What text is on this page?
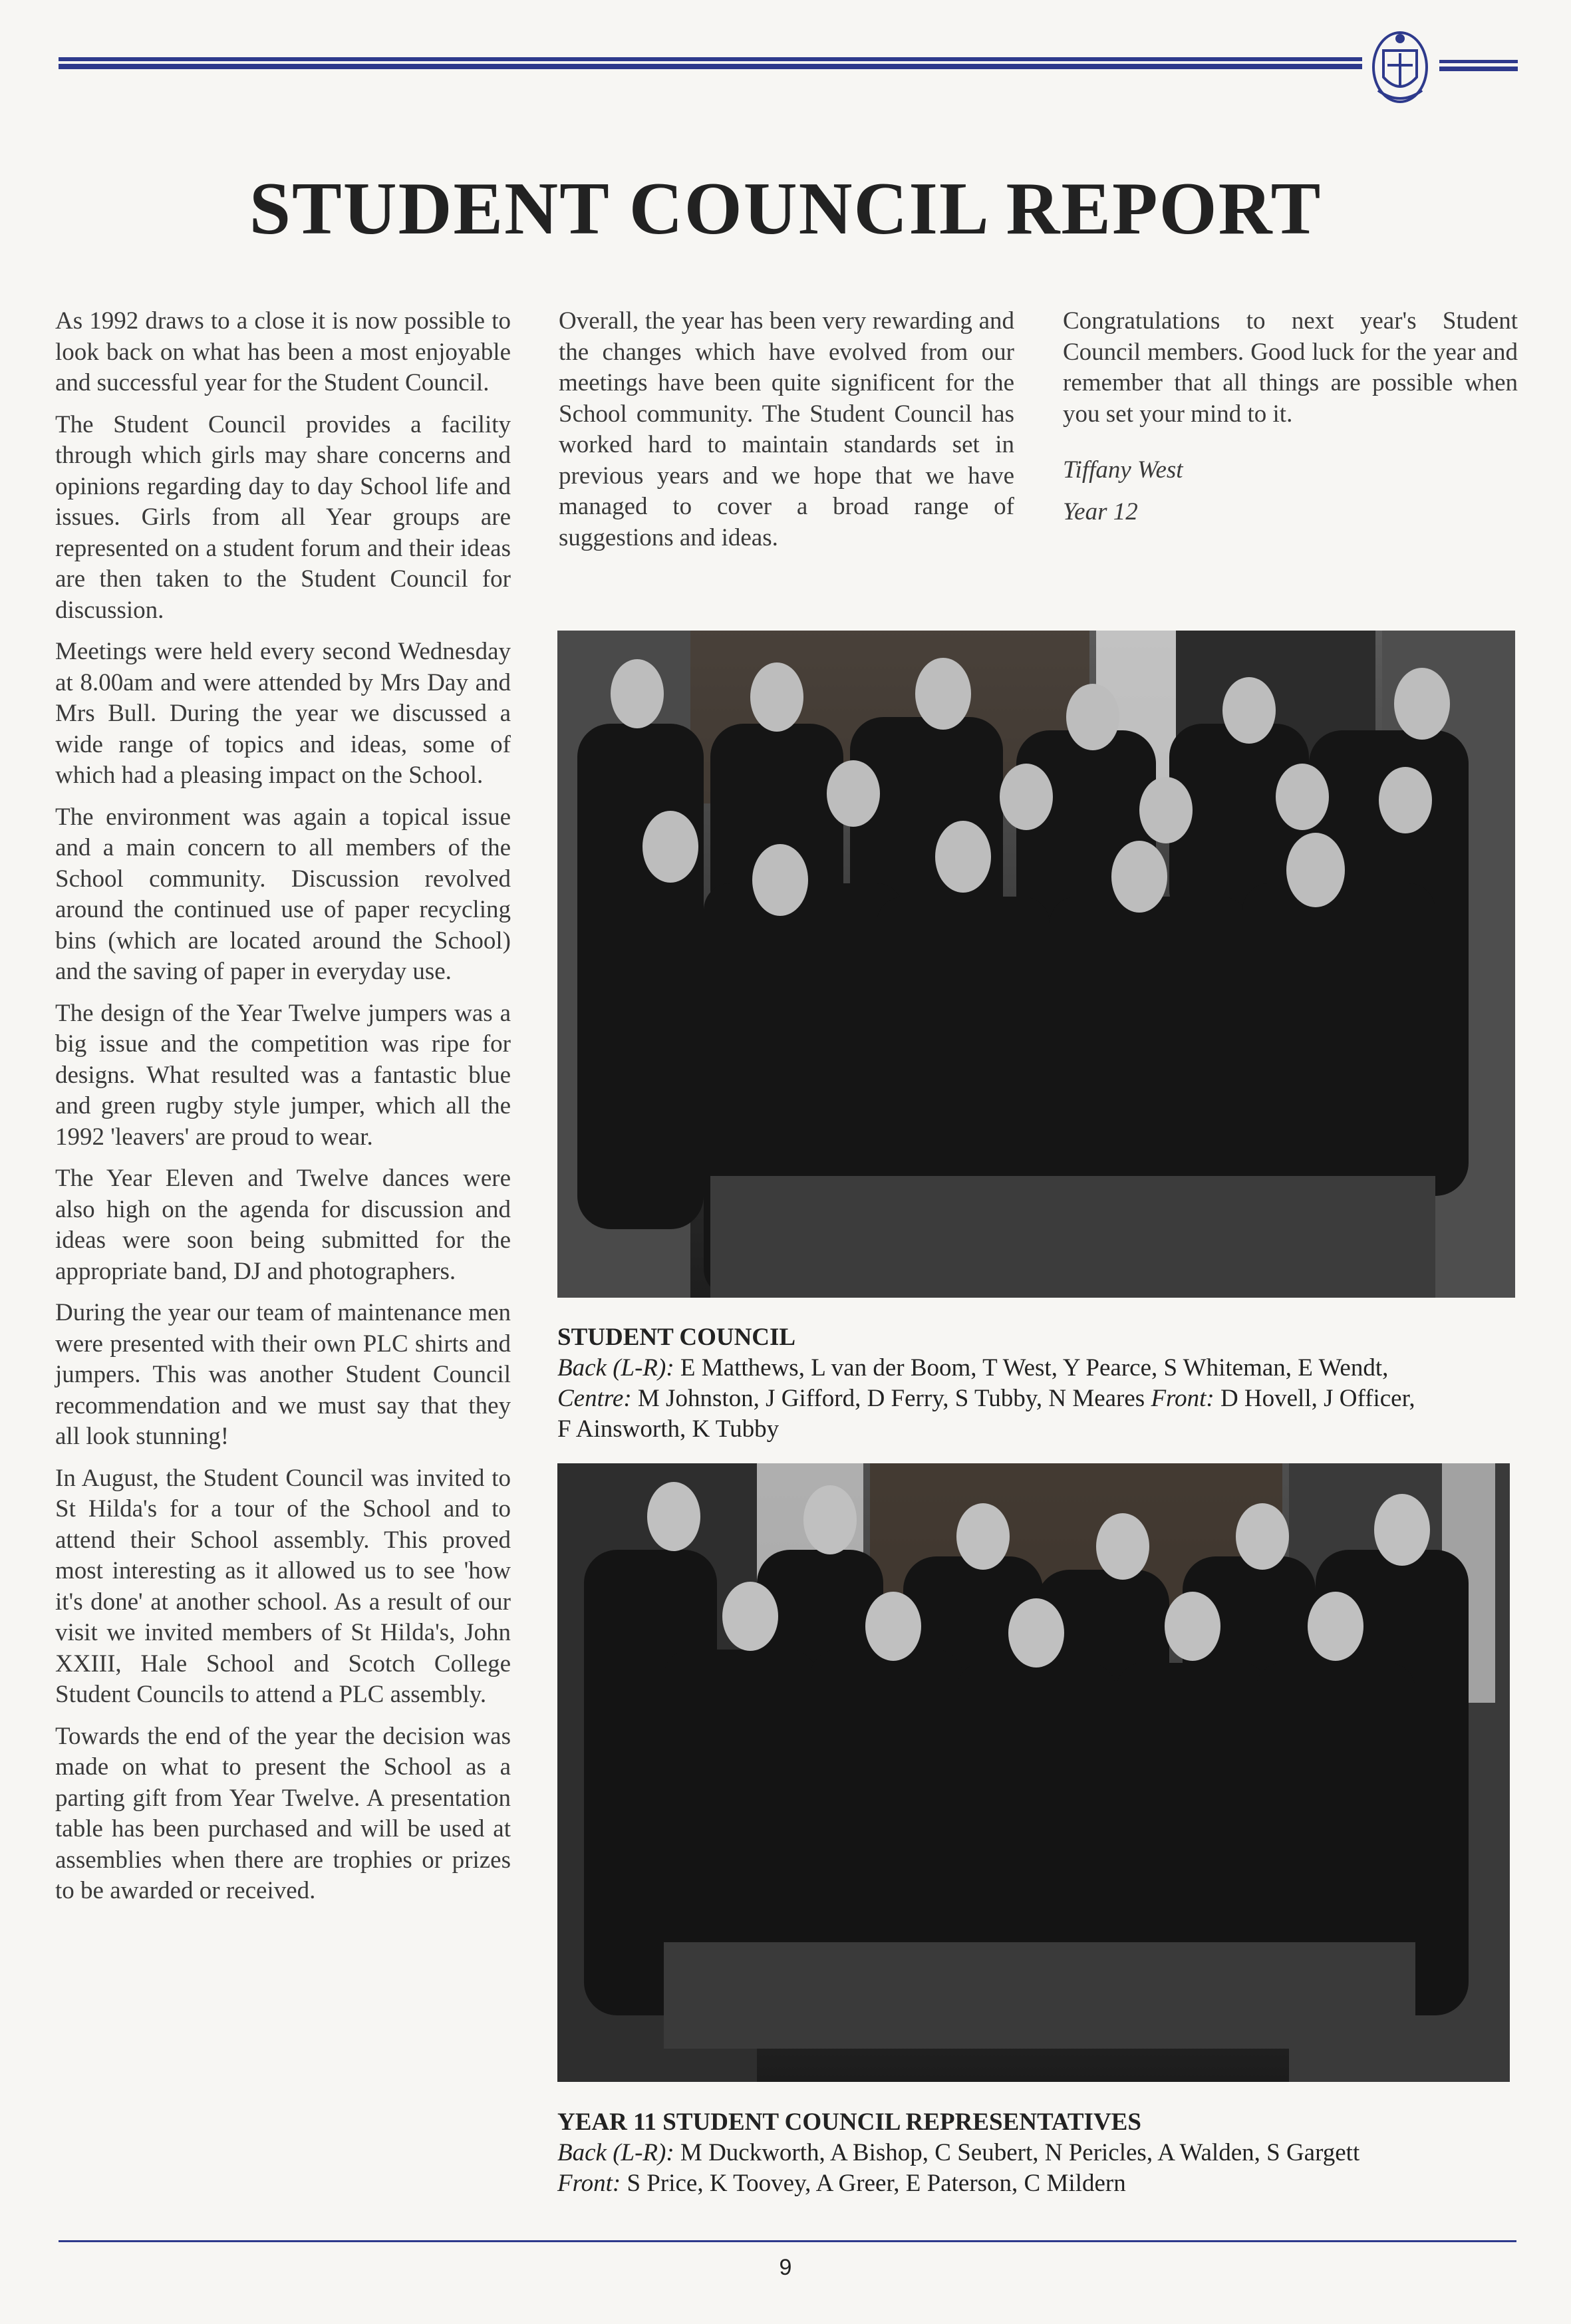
STUDENT COUNCIL REPORT

As 1992 draws to a close it is now possible to look back on what has been a most enjoyable and successful year for the Student Council.

The Student Council provides a facility through which girls may share concerns and opinions regarding day to day School life and issues. Girls from all Year groups are represented on a student forum and their ideas are then taken to the Student Council for discussion.

Meetings were held every second Wednesday at 8.00am and were attended by Mrs Day and Mrs Bull. During the year we discussed a wide range of topics and ideas, some of which had a pleasing impact on the School.

The environment was again a topical issue and a main concern to all members of the School community. Discussion revolved around the continued use of paper recycling bins (which are located around the School) and the saving of paper in everyday use.

The design of the Year Twelve jumpers was a big issue and the competition was ripe for designs. What resulted was a fantastic blue and green rugby style jumper, which all the 1992 'leavers' are proud to wear.

The Year Eleven and Twelve dances were also high on the agenda for discussion and ideas were soon being submitted for the appropriate band, DJ and photographers.

During the year our team of maintenance men were presented with their own PLC shirts and jumpers. This was another Student Council recommendation and we must say that they all look stunning!

In August, the Student Council was invited to St Hilda's for a tour of the School and to attend their School assembly. This proved most interesting as it allowed us to see 'how it's done' at another school. As a result of our visit we invited members of St Hilda's, John XXIII, Hale School and Scotch College Student Councils to attend a PLC assembly.

Towards the end of the year the decision was made on what to present the School as a parting gift from Year Twelve. A presentation table has been purchased and will be used at assemblies when there are trophies or prizes to be awarded or received.

Overall, the year has been very rewarding and the changes which have evolved from our meetings have been quite significent for the School community. The Student Council has worked hard to maintain standards set in previous years and we hope that we have managed to cover a broad range of suggestions and ideas.

Congratulations to next year's Student Council members. Good luck for the year and remember that all things are possible when you set your mind to it.

Tiffany West

Year 12

STUDENT COUNCIL

Back (L-R): E Matthews, L van der Boom, T West, Y Pearce, S Whiteman, E Wendt,

Centre: M Johnston, J Gifford, D Ferry, S Tubby, N Meares Front: D Hovell, J Officer,

F Ainsworth, K Tubby

YEAR 11 STUDENT COUNCIL REPRESENTATIVES

Back (L-R): M Duckworth, A Bishop, C Seubert, N Pericles, A Walden, S Gargett

Front: S Price, K Toovey, A Greer, E Paterson, C Mildern

9
